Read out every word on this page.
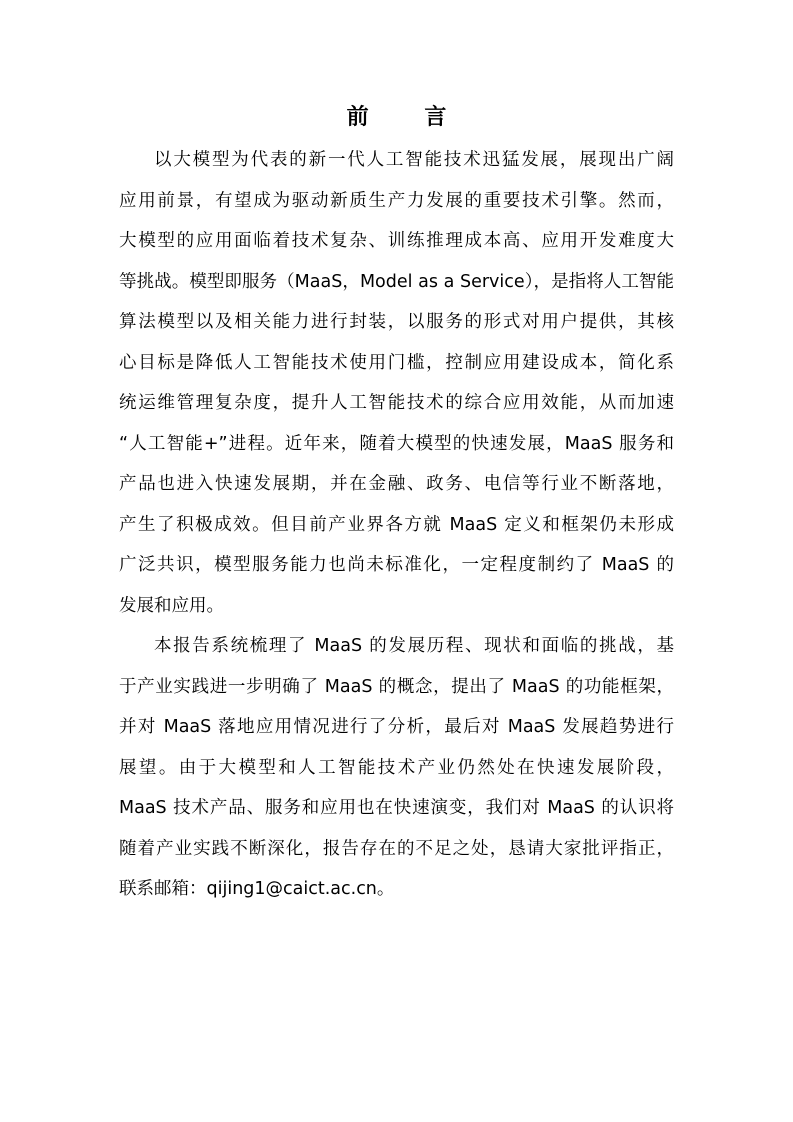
前 言
以大模型为代表的新一代人工智能技术迅猛发展，展现出广阔
应用前景，有望成为驱动新质生产力发展的重要技术引擎。然而，
大模型的应用面临着技术复杂、训练推理成本高、应用开发难度大
等挑战。模型即服务（MaaS，Model as a Service），是指将人工智能
算法模型以及相关能力进行封装，以服务的形式对用户提供，其核
心目标是降低人工智能技术使用门槛，控制应用建设成本，简化系
统运维管理复杂度，提升人工智能技术的综合应用效能，从而加速
“人工智能+”进程。近年来，随着大模型的快速发展，MaaS 服务和
产品也进入快速发展期，并在金融、政务、电信等行业不断落地，
产生了积极成效。但目前产业界各方就 MaaS 定义和框架仍未形成
广泛共识，模型服务能力也尚未标准化，一定程度制约了 MaaS 的
发展和应用。
本报告系统梳理了 MaaS 的发展历程、现状和面临的挑战，基
于产业实践进一步明确了 MaaS 的概念，提出了 MaaS 的功能框架，
并对 MaaS 落地应用情况进行了分析，最后对 MaaS 发展趋势进行
展望。由于大模型和人工智能技术产业仍然处在快速发展阶段，
MaaS 技术产品、服务和应用也在快速演变，我们对 MaaS 的认识将
随着产业实践不断深化，报告存在的不足之处，恳请大家批评指正，
联系邮箱：qijing1@caict.ac.cn。
